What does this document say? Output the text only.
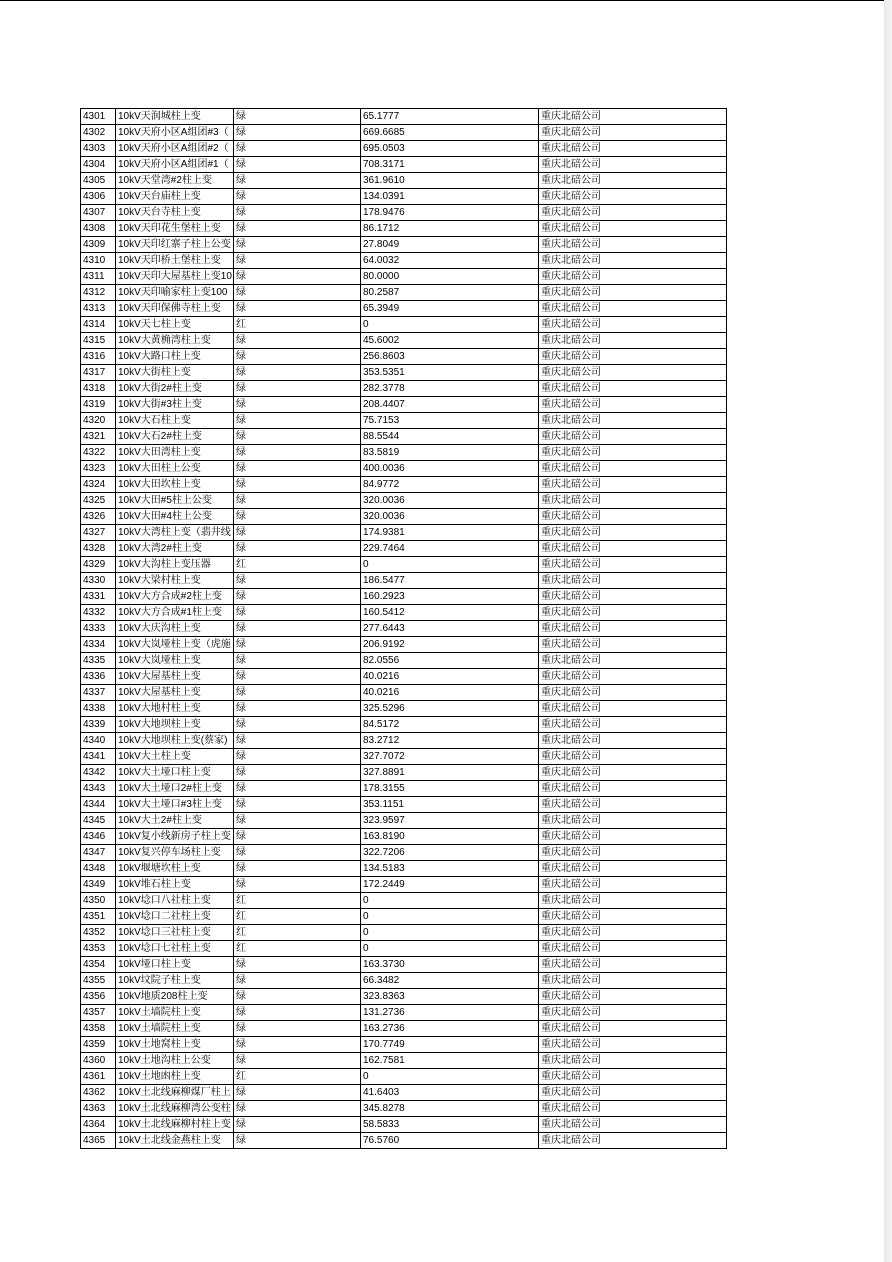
4301	10kV天润城柱上变	绿	65.1777	重庆北碚公司
4302	10kV天府小区A组团#3（	绿	669.6685	重庆北碚公司
4303	10kV天府小区A组团#2（	绿	695.0503	重庆北碚公司
4304	10kV天府小区A组团#1（	绿	708.3171	重庆北碚公司
4305	10kV天堂湾#2柱上变	绿	361.9610	重庆北碚公司
4306	10kV天台庙柱上变	绿	134.0391	重庆北碚公司
4307	10kV天台寺柱上变	绿	178.9476	重庆北碚公司
4308	10kV天印花生堡柱上变	绿	86.1712	重庆北碚公司
4309	10kV天印红寨子柱上公变	绿	27.8049	重庆北碚公司
4310	10kV天印桥土堡柱上变	绿	64.0032	重庆北碚公司
4311	10kV天印大屋基柱上变10	绿	80.0000	重庆北碚公司
4312	10kV天印喻家柱上变100	绿	80.2587	重庆北碚公司
4313	10kV天印保佛寺柱上变	绿	65.3949	重庆北碚公司
4314	10kV天七柱上变	红	0	重庆北碚公司
4315	10kV大黄桷湾柱上变	绿	45.6002	重庆北碚公司
4316	10kV大路口柱上变	绿	256.8603	重庆北碚公司
4317	10kV大街柱上变	绿	353.5351	重庆北碚公司
4318	10kV大街2#柱上变	绿	282.3778	重庆北碚公司
4319	10kV大街#3柱上变	绿	208.4407	重庆北碚公司
4320	10kV大石柱上变	绿	75.7153	重庆北碚公司
4321	10kV大石2#柱上变	绿	88.5544	重庆北碚公司
4322	10kV大田湾柱上变	绿	83.5819	重庆北碚公司
4323	10kV大田柱上公变	绿	400.0036	重庆北碚公司
4324	10kV大田坎柱上变	绿	84.9772	重庆北碚公司
4325	10kV大田#5柱上公变	绿	320.0036	重庆北碚公司
4326	10kV大田#4柱上公变	绿	320.0036	重庆北碚公司
4327	10kV大湾柱上变（翡井线	绿	174.9381	重庆北碚公司
4328	10kV大湾2#柱上变	绿	229.7464	重庆北碚公司
4329	10kV大沟柱上变压器	红	0	重庆北碚公司
4330	10kV大梁村柱上变	绿	186.5477	重庆北碚公司
4331	10kV大方合成#2柱上变	绿	160.2923	重庆北碚公司
4332	10kV大方合成#1柱上变	绿	160.5412	重庆北碚公司
4333	10kV大庆沟柱上变	绿	277.6443	重庆北碚公司
4334	10kV大岚垭柱上变（虎施	绿	206.9192	重庆北碚公司
4335	10kV大岚垭柱上变	绿	82.0556	重庆北碚公司
4336	10kV大屋基柱上变	绿	40.0216	重庆北碚公司
4337	10kV大屋基柱上变	绿	40.0216	重庆北碚公司
4338	10kV大地村柱上变	绿	325.5296	重庆北碚公司
4339	10kV大地坝柱上变	绿	84.5172	重庆北碚公司
4340	10kV大地坝柱上变(蔡家)	绿	83.2712	重庆北碚公司
4341	10kV大土柱上变	绿	327.7072	重庆北碚公司
4342	10kV大土垭口柱上变	绿	327.8891	重庆北碚公司
4343	10kV大土垭口2#柱上变	绿	178.3155	重庆北碚公司
4344	10kV大土垭口#3柱上变	绿	353.1151	重庆北碚公司
4345	10kV大土2#柱上变	绿	323.9597	重庆北碚公司
4346	10kV复小线新房子柱上变	绿	163.8190	重庆北碚公司
4347	10kV复兴停车场柱上变	绿	322.7206	重庆北碚公司
4348	10kV堰塘坎柱上变	绿	134.5183	重庆北碚公司
4349	10kV堆石柱上变	绿	172.2449	重庆北碚公司
4350	10kV埝口八社柱上变	红	0	重庆北碚公司
4351	10kV埝口二社柱上变	红	0	重庆北碚公司
4352	10kV埝口三社柱上变	红	0	重庆北碚公司
4353	10kV埝口七社柱上变	红	0	重庆北碚公司
4354	10kV垭口柱上变	绿	163.3730	重庆北碚公司
4355	10kV坟院子柱上变	绿	66.3482	重庆北碚公司
4356	10kV地质208柱上变	绿	323.8363	重庆北碚公司
4357	10kV土墙院柱上变	绿	131.2736	重庆北碚公司
4358	10kV土墙院柱上变	绿	163.2736	重庆北碚公司
4359	10kV土地窝柱上变	绿	170.7749	重庆北碚公司
4360	10kV土地沟柱上公变	绿	162.7581	重庆北碚公司
4361	10kV土地凼柱上变	红	0	重庆北碚公司
4362	10kV土北线麻柳煤厂柱上	绿	41.6403	重庆北碚公司
4363	10kV土北线麻柳湾公变柱	绿	345.8278	重庆北碚公司
4364	10kV土北线麻柳村柱上变	绿	58.5833	重庆北碚公司
4365	10kV土北线金燕柱上变	绿	76.5760	重庆北碚公司
